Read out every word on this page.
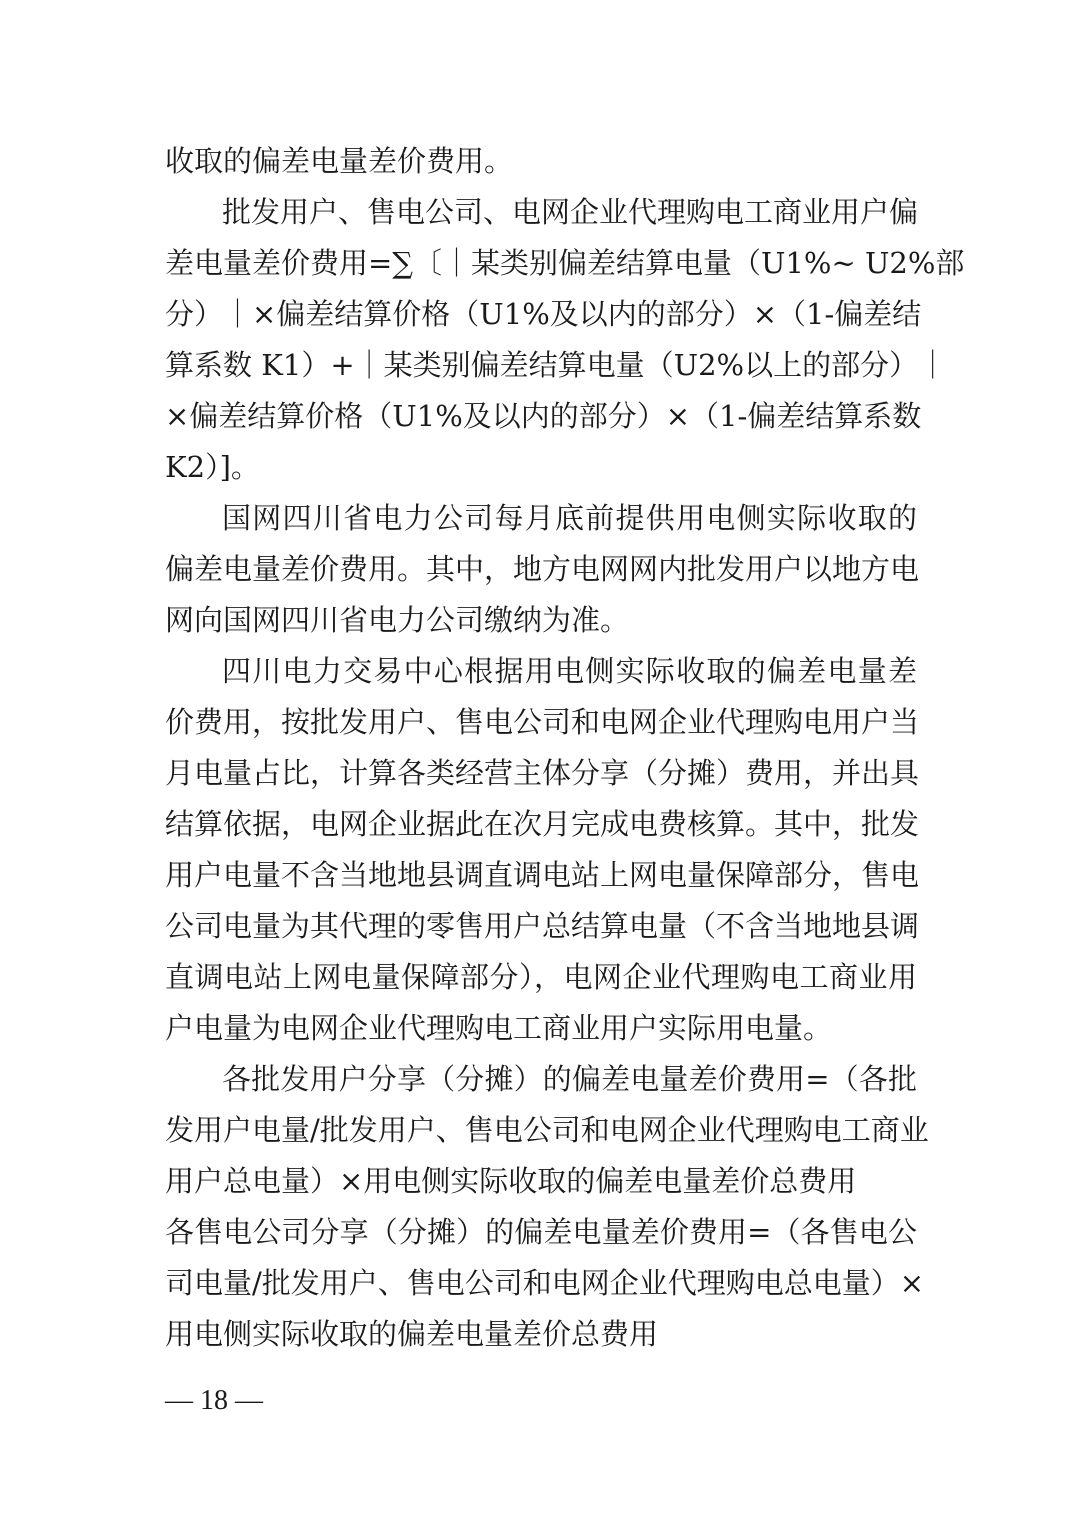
收取的偏差电量差价费用。
批发用户、售电公司、电网企业代理购电工商业用户偏
差电量差价费用=∑〔｜某类别偏差结算电量（U1%~ U2%部
分）｜×偏差结算价格（U1%及以内的部分）×（1-偏差结
算系数 K1）+｜某类别偏差结算电量（U2%以上的部分）｜
×偏差结算价格（U1%及以内的部分）×（1-偏差结算系数
K2）]。
国网四川省电力公司每月底前提供用电侧实际收取的
偏差电量差价费用。其中，地方电网网内批发用户以地方电
网向国网四川省电力公司缴纳为准。
四川电力交易中心根据用电侧实际收取的偏差电量差
价费用，按批发用户、售电公司和电网企业代理购电用户当
月电量占比，计算各类经营主体分享（分摊）费用，并出具
结算依据，电网企业据此在次月完成电费核算。其中，批发
用户电量不含当地地县调直调电站上网电量保障部分，售电
公司电量为其代理的零售用户总结算电量（不含当地地县调
直调电站上网电量保障部分），电网企业代理购电工商业用
户电量为电网企业代理购电工商业用户实际用电量。
各批发用户分享（分摊）的偏差电量差价费用=（各批
发用户电量/批发用户、售电公司和电网企业代理购电工商业
用户总电量）×用电侧实际收取的偏差电量差价总费用
各售电公司分享（分摊）的偏差电量差价费用=（各售电公
司电量/批发用户、售电公司和电网企业代理购电总电量）×
用电侧实际收取的偏差电量差价总费用
— 18 —
